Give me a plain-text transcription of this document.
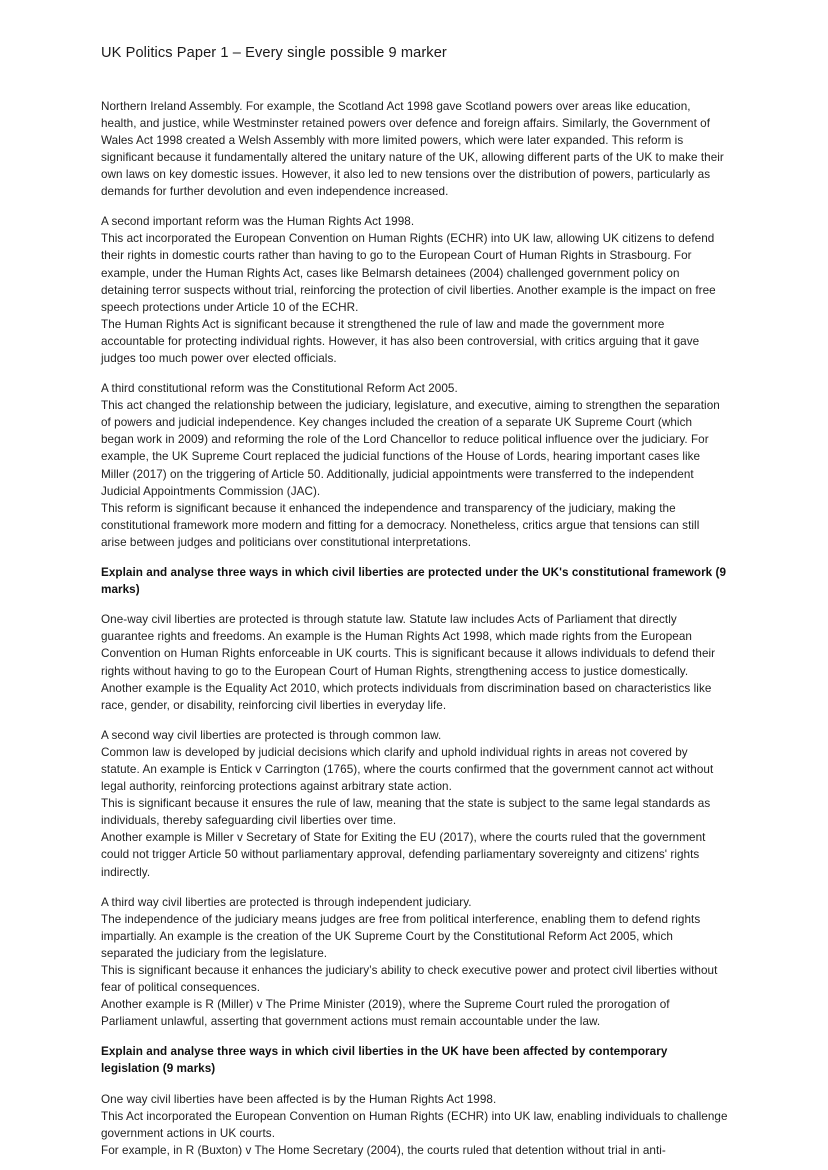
UK Politics Paper 1 – Every single possible 9 marker

Northern Ireland Assembly. For example, the Scotland Act 1998 gave Scotland powers over areas like education, health, and justice, while Westminster retained powers over defence and foreign affairs. Similarly, the Government of Wales Act 1998 created a Welsh Assembly with more limited powers, which were later expanded. This reform is significant because it fundamentally altered the unitary nature of the UK, allowing different parts of the UK to make their own laws on key domestic issues. However, it also led to new tensions over the distribution of powers, particularly as demands for further devolution and even independence increased.

A second important reform was the Human Rights Act 1998.
This act incorporated the European Convention on Human Rights (ECHR) into UK law, allowing UK citizens to defend their rights in domestic courts rather than having to go to the European Court of Human Rights in Strasbourg. For example, under the Human Rights Act, cases like Belmarsh detainees (2004) challenged government policy on detaining terror suspects without trial, reinforcing the protection of civil liberties. Another example is the impact on free speech protections under Article 10 of the ECHR.
The Human Rights Act is significant because it strengthened the rule of law and made the government more accountable for protecting individual rights. However, it has also been controversial, with critics arguing that it gave judges too much power over elected officials.

A third constitutional reform was the Constitutional Reform Act 2005.
This act changed the relationship between the judiciary, legislature, and executive, aiming to strengthen the separation of powers and judicial independence. Key changes included the creation of a separate UK Supreme Court (which began work in 2009) and reforming the role of the Lord Chancellor to reduce political influence over the judiciary. For example, the UK Supreme Court replaced the judicial functions of the House of Lords, hearing important cases like Miller (2017) on the triggering of Article 50. Additionally, judicial appointments were transferred to the independent Judicial Appointments Commission (JAC).
This reform is significant because it enhanced the independence and transparency of the judiciary, making the constitutional framework more modern and fitting for a democracy. Nonetheless, critics argue that tensions can still arise between judges and politicians over constitutional interpretations.

Explain and analyse three ways in which civil liberties are protected under the UK's constitutional framework (9 marks)

One-way civil liberties are protected is through statute law. Statute law includes Acts of Parliament that directly guarantee rights and freedoms. An example is the Human Rights Act 1998, which made rights from the European Convention on Human Rights enforceable in UK courts. This is significant because it allows individuals to defend their rights without having to go to the European Court of Human Rights, strengthening access to justice domestically. Another example is the Equality Act 2010, which protects individuals from discrimination based on characteristics like race, gender, or disability, reinforcing civil liberties in everyday life.

A second way civil liberties are protected is through common law.
Common law is developed by judicial decisions which clarify and uphold individual rights in areas not covered by statute. An example is Entick v Carrington (1765), where the courts confirmed that the government cannot act without legal authority, reinforcing protections against arbitrary state action.
This is significant because it ensures the rule of law, meaning that the state is subject to the same legal standards as individuals, thereby safeguarding civil liberties over time.
Another example is Miller v Secretary of State for Exiting the EU (2017), where the courts ruled that the government could not trigger Article 50 without parliamentary approval, defending parliamentary sovereignty and citizens' rights indirectly.

A third way civil liberties are protected is through independent judiciary.
The independence of the judiciary means judges are free from political interference, enabling them to defend rights impartially. An example is the creation of the UK Supreme Court by the Constitutional Reform Act 2005, which separated the judiciary from the legislature.
This is significant because it enhances the judiciary’s ability to check executive power and protect civil liberties without fear of political consequences.
Another example is R (Miller) v The Prime Minister (2019), where the Supreme Court ruled the prorogation of Parliament unlawful, asserting that government actions must remain accountable under the law.

Explain and analyse three ways in which civil liberties in the UK have been affected by contemporary legislation (9 marks)

One way civil liberties have been affected is by the Human Rights Act 1998.
This Act incorporated the European Convention on Human Rights (ECHR) into UK law, enabling individuals to challenge government actions in UK courts.
For example, in R (Buxton) v The Home Secretary (2004), the courts ruled that detention without trial in anti-
